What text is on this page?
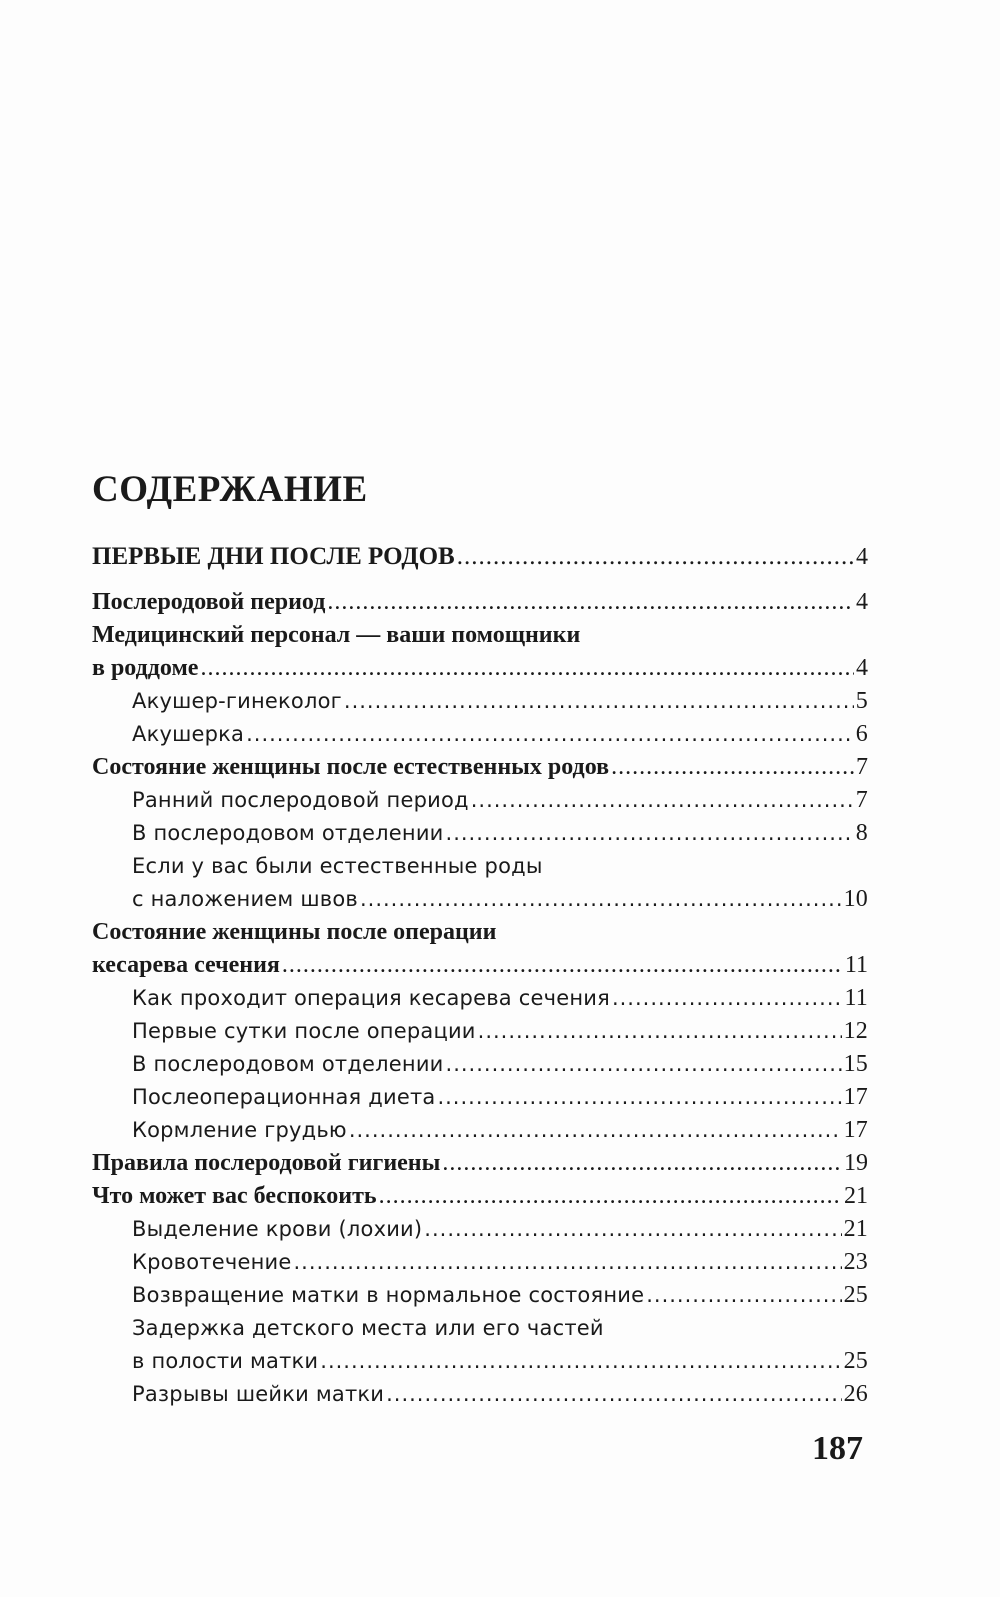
СОДЕРЖАНИЕ
ПЕРВЫЕ ДНИ ПОСЛЕ РОДОВ .....	4
Послеродовой период .....	4
Медицинский персонал — ваши помощники
в роддоме .....	4
Акушер-гинеколог .....	5
Акушерка .....	6
Состояние женщины после естественных родов .....	7
Ранний послеродовой период .....	7
В послеродовом отделении .....	8
Если у вас были естественные роды
с наложением швов .....	10
Состояние женщины после операции
кесарева сечения .....	11
Как проходит операция кесарева сечения .....	11
Первые сутки после операции .....	12
В послеродовом отделении .....	15
Послеоперационная диета .....	17
Кормление грудью .....	17
Правила послеродовой гигиены .....	19
Что может вас беспокоить .....	21
Выделение крови (лохии) .....	21
Кровотечение .....	23
Возвращение матки в нормальное состояние .....	25
Задержка детского места или его частей
в полости матки .....	25
Разрывы шейки матки .....	26

187
